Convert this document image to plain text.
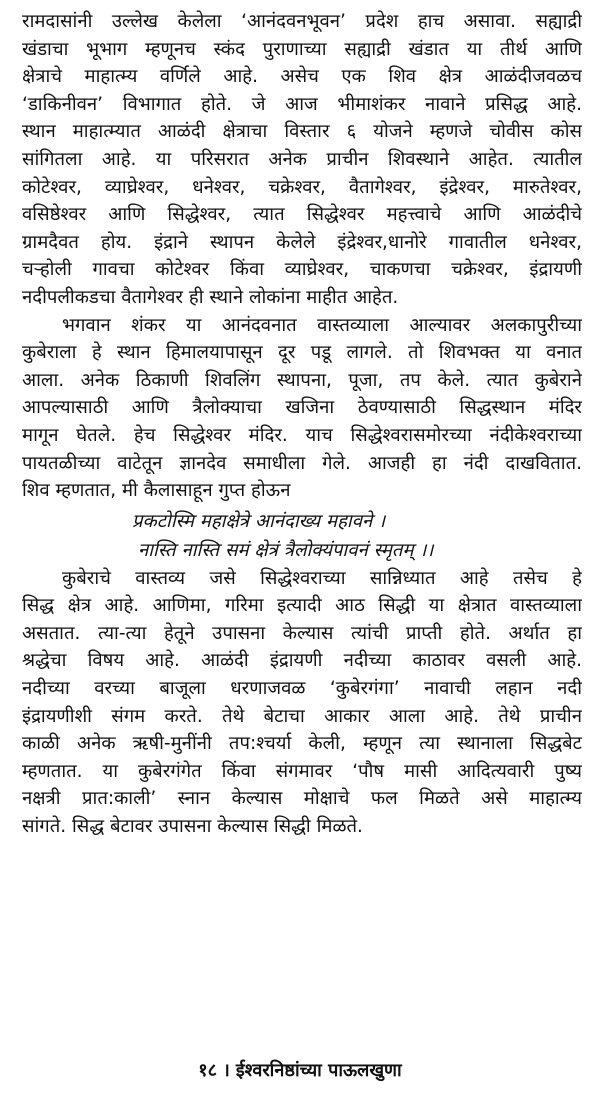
रामदासांनी उल्लेख केलेला ‘आनंदवनभूवन’ प्रदेश हाच असावा. सह्याद्री
खंडाचा भूभाग म्हणूनच स्कंद पुराणाच्या सह्याद्री खंडात या तीर्थ आणि
क्षेत्राचे माहात्म्य वर्णिले आहे. असेच एक शिव क्षेत्र आळंदीजवळच
‘डाकिनीवन’ विभागात होते. जे आज भीमाशंकर नावाने प्रसिद्ध आहे.
स्थान माहात्म्यात आळंदी क्षेत्राचा विस्तार ६ योजने म्हणजे चोवीस कोस
सांगितला आहे. या परिसरात अनेक प्राचीन शिवस्थाने आहेत. त्यातील
कोटेश्वर, व्याघ्रेश्वर, धनेश्वर, चक्रेश्वर, वैतागेश्वर, इंद्रेश्वर, मारुतेश्वर,
वसिष्ठेश्वर आणि सिद्धेश्वर, त्यात सिद्धेश्वर महत्त्वाचे आणि आळंदीचे
ग्रामदैवत होय. इंद्राने स्थापन केलेले इंद्रेश्वर,धानोरे गावातील धनेश्वर,
चऱ्होली गावचा कोटेश्वर किंवा व्याघ्रेश्वर, चाकणचा चक्रेश्वर, इंद्रायणी
नदीपलीकडचा वैतागेश्वर ही स्थाने लोकांना माहीत आहेत.
भगवान शंकर या आनंदवनात वास्तव्याला आल्यावर अलकापुरीच्या
कुबेराला हे स्थान हिमालयापासून दूर पडू लागले. तो शिवभक्त या वनात
आला. अनेक ठिकाणी शिवलिंग स्थापना, पूजा, तप केले. त्यात कुबेराने
आपल्यासाठी आणि त्रैलोक्याचा खजिना ठेवण्यासाठी सिद्धस्थान मंदिर
मागून घेतले. हेच सिद्धेश्वर मंदिर. याच सिद्धेश्वरासमोरच्या नंदीकेश्वराच्या
पायतळीच्या वाटेतून ज्ञानदेव समाधीला गेले. आजही हा नंदी दाखवितात.
शिव म्हणतात, मी कैलासाहून गुप्त होऊन
प्रकटोस्मि महाक्षेत्रे आनंदाख्य महावने ।
नास्ति नास्ति समं क्षेत्रं त्रैलोक्यंपावनं स्मृतम् ।।
कुबेराचे वास्तव्य जसे सिद्धेश्वराच्या सान्निध्यात आहे तसेच हे
सिद्ध क्षेत्र आहे. आणिमा, गरिमा इत्यादी आठ सिद्धी या क्षेत्रात वास्तव्याला
असतात. त्या-त्या हेतूने उपासना केल्यास त्यांची प्राप्ती होते. अर्थात हा
श्रद्धेचा विषय आहे. आळंदी इंद्रायणी नदीच्या काठावर वसली आहे.
नदीच्या वरच्या बाजूला धरणाजवळ ‘कुबेरगंगा’ नावाची लहान नदी
इंद्रायणीशी संगम करते. तेथे बेटाचा आकार आला आहे. तेथे प्राचीन
काळी अनेक ऋषी-मुनींनी तप:श्चर्या केली, म्हणून त्या स्थानाला सिद्धबेट
म्हणतात. या कुबेरगंगेत किंवा संगमावर ‘पौष मासी आदित्यवारी पुष्य
नक्षत्री प्रात:काली’ स्नान केल्यास मोक्षाचे फल मिळते असे माहात्म्य
सांगते. सिद्ध बेटावर उपासना केल्यास सिद्धी मिळते.
१८ । ईश्वरनिष्ठांच्या पाऊलखुणा
